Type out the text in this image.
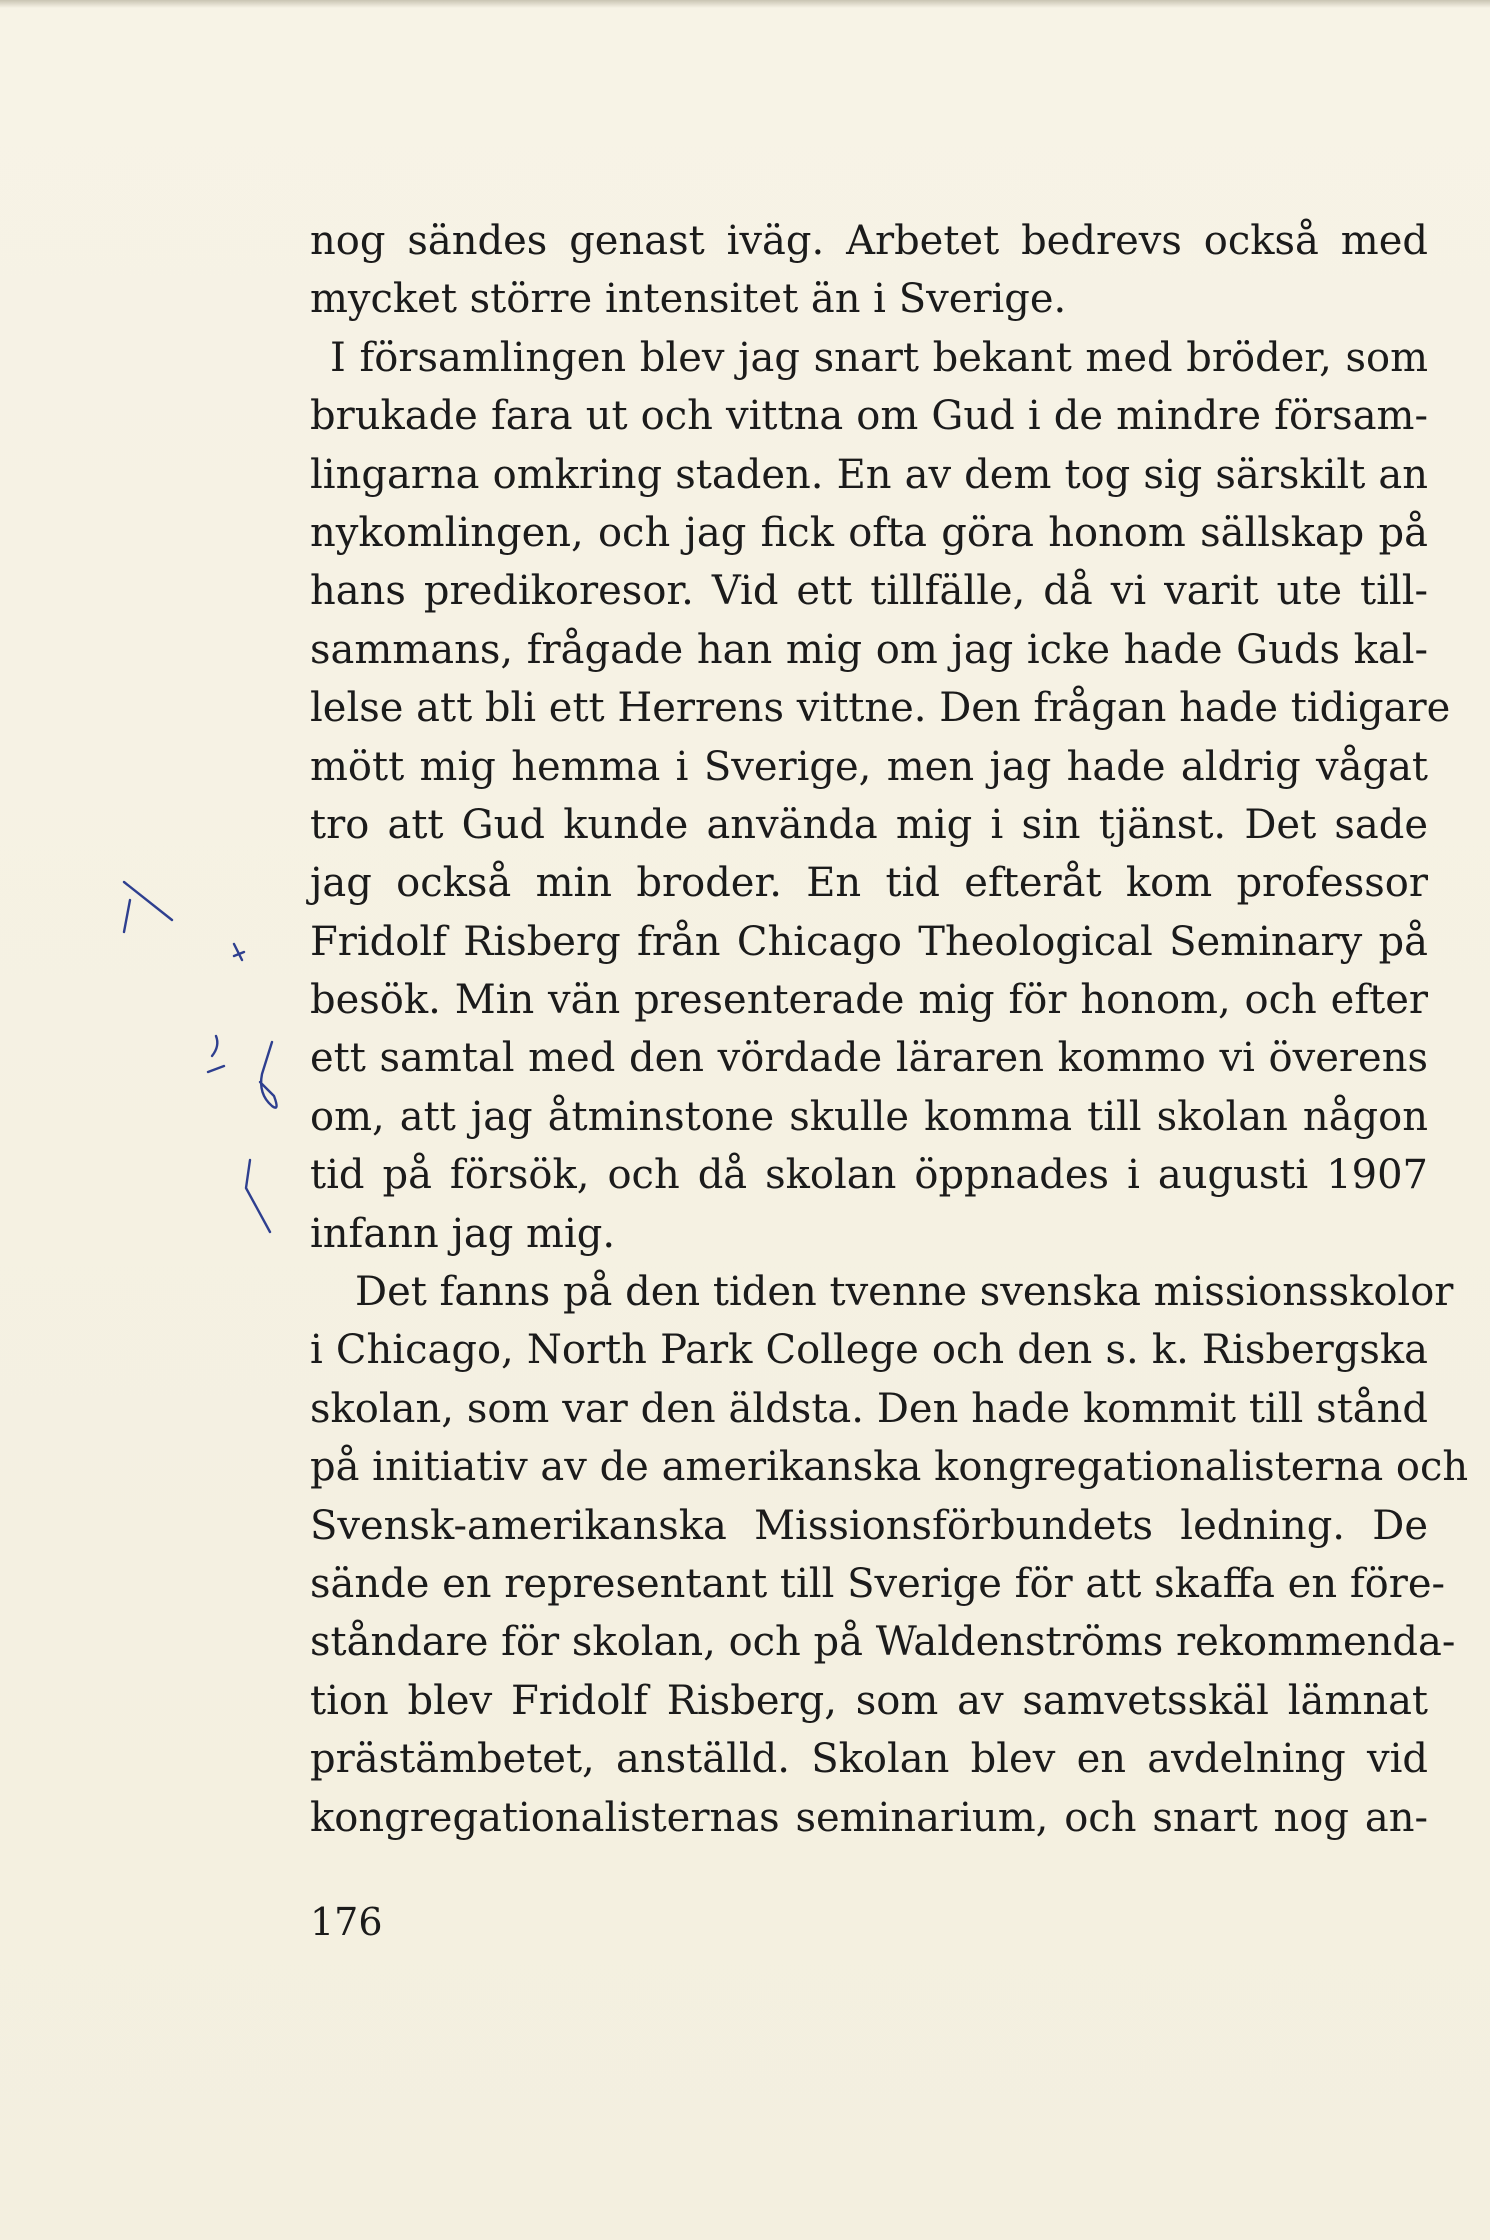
nog sändes genast iväg. Arbetet bedrevs också med
mycket större intensitet än i Sverige.
I församlingen blev jag snart bekant med bröder, som
brukade fara ut och vittna om Gud i de mindre försam-
lingarna omkring staden. En av dem tog sig särskilt an
nykomlingen, och jag fick ofta göra honom sällskap på
hans predikoresor. Vid ett tillfälle, då vi varit ute till-
sammans, frågade han mig om jag icke hade Guds kal-
lelse att bli ett Herrens vittne. Den frågan hade tidigare
mött mig hemma i Sverige, men jag hade aldrig vågat
tro att Gud kunde använda mig i sin tjänst. Det sade
jag också min broder. En tid efteråt kom professor
Fridolf Risberg från Chicago Theological Seminary på
besök. Min vän presenterade mig för honom, och efter
ett samtal med den vördade läraren kommo vi överens
om, att jag åtminstone skulle komma till skolan någon
tid på försök, och då skolan öppnades i augusti 1907
infann jag mig.
Det fanns på den tiden tvenne svenska missionsskolor
i Chicago, North Park College och den s. k. Risbergska
skolan, som var den äldsta. Den hade kommit till stånd
på initiativ av de amerikanska kongregationalisterna och
Svensk-amerikanska Missionsförbundets ledning. De
sände en representant till Sverige för att skaffa en före-
ståndare för skolan, och på Waldenströms rekommenda-
tion blev Fridolf Risberg, som av samvetsskäl lämnat
prästämbetet, anställd. Skolan blev en avdelning vid
kongregationalisternas seminarium, och snart nog an-
176
